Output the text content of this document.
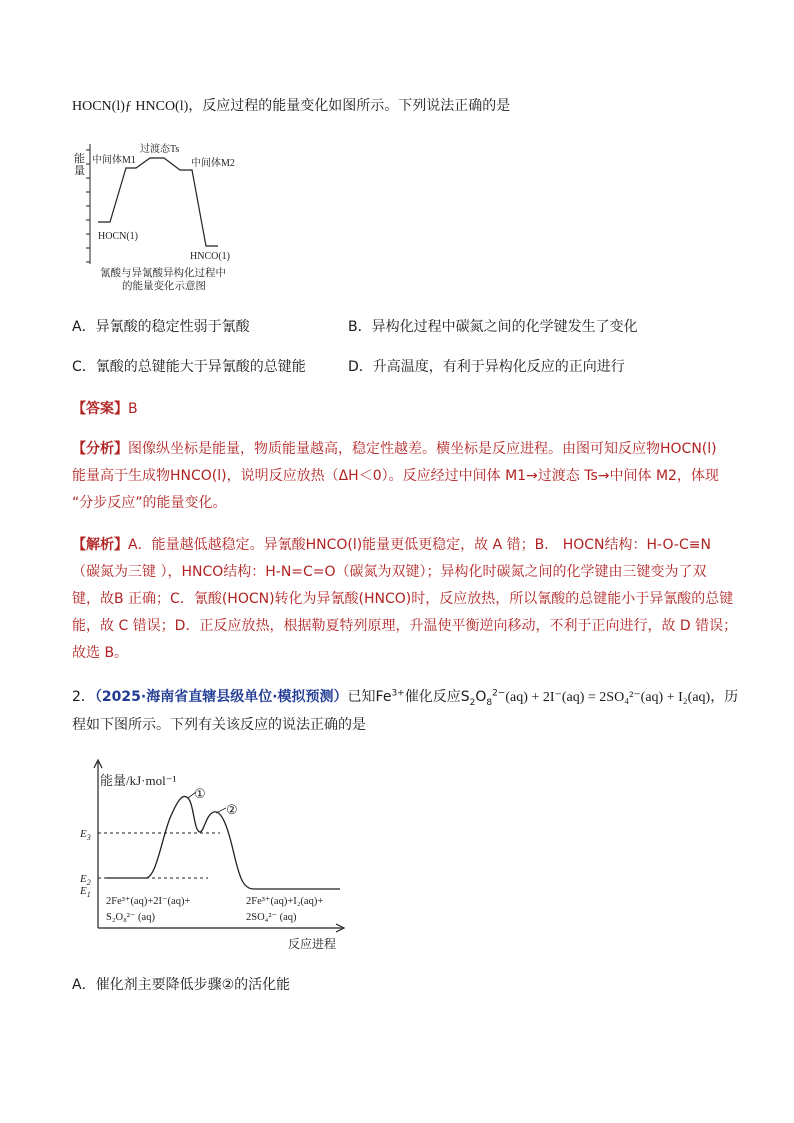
HOCN(l)ƒ HNCO(l)，反应过程的能量变化如图所示。下列说法正确的是
能
量
中间体M1
过渡态Ts
中间体M2
HOCN(1)
HNCO(1)
氰酸与异氰酸异构化过程中
的能量变化示意图
A．异氰酸的稳定性弱于氰酸	B．异构化过程中碳氮之间的化学键发生了变化
C．氰酸的总键能大于异氰酸的总键能	D．升高温度，有利于异构化反应的正向进行
【答案】B
【分析】图像纵坐标是能量，物质能量越高，稳定性越差。横坐标是反应进程。由图可知反应物HOCN(l)
能量高于生成物HNCO(l)，说明反应放热（ΔH＜0）。反应经过中间体 M1→过渡态 Ts→中间体 M2，体现
“分步反应”的能量变化。
【解析】A．能量越低越稳定。异氰酸HNCO(l)能量更低更稳定，故 A 错；B． HOCN结构：H-O-C≡N
（碳氮为三键 ），HNCO结构：H-N=C=O（碳氮为双键）；异构化时碳氮之间的化学键由三键变为了双
键，故B 正确；C．氰酸(HOCN)转化为异氰酸(HNCO)时，反应放热，所以氰酸的总键能小于异氰酸的总键
能，故 C 错误；D．正反应放热，根据勒夏特列原理，升温使平衡逆向移动，不利于正向进行，故 D 错误；
故选 B。
2．（2025·海南省直辖县级单位·模拟预测）已知$Fe^{3+}$催化反应$S_2O_8^{2-}(aq) + 2I^-(aq) = 2SO_4^{2-}(aq) + I_2(aq)$，历
程如下图所示。下列有关该反应的说法正确的是
能量/kJ·mol⁻¹
$E_3$
$E_2$
$E_1$
①
②
2Fe³⁺(aq)+2I⁻(aq)+
S₂O₈²⁻ (aq)
2Fe³⁺(aq)+I₂(aq)+
2SO₄²⁻ (aq)
反应进程
A．催化剂主要降低步骤②的活化能
